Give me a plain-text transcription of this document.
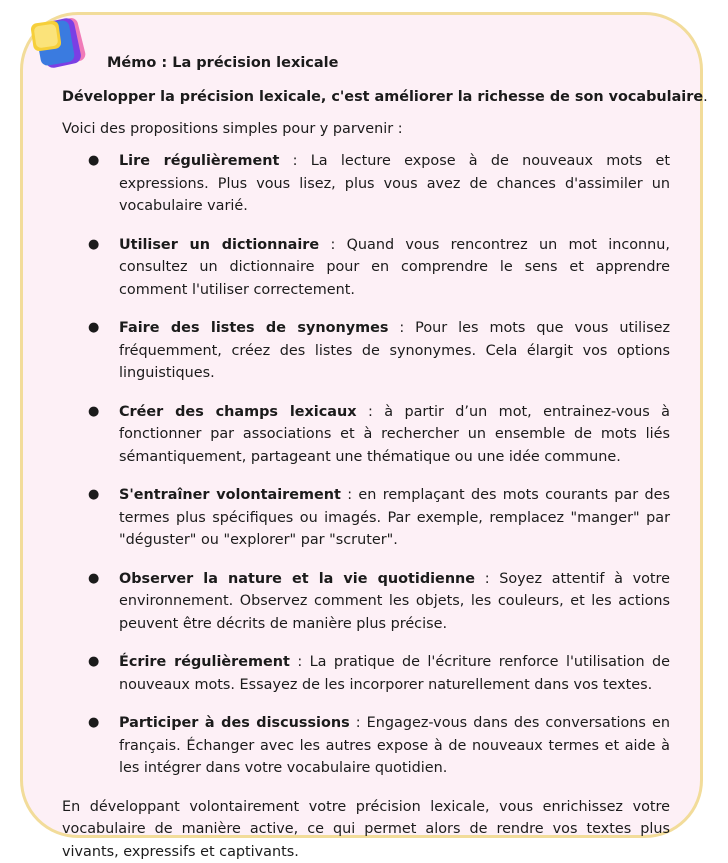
Mémo : La précision lexicale

Développer la précision lexicale, c'est améliorer la richesse de son vocabulaire.

Voici des propositions simples pour y parvenir :

● Lire régulièrement : La lecture expose à de nouveaux mots et expressions. Plus vous lisez, plus vous avez de chances d'assimiler un vocabulaire varié.
● Utiliser un dictionnaire : Quand vous rencontrez un mot inconnu, consultez un dictionnaire pour en comprendre le sens et apprendre comment l'utiliser correctement.
● Faire des listes de synonymes : Pour les mots que vous utilisez fréquemment, créez des listes de synonymes. Cela élargit vos options linguistiques.
● Créer des champs lexicaux : à partir d’un mot, entrainez-vous à fonctionner par associations et à rechercher un ensemble de mots liés sémantiquement, partageant une thématique ou une idée commune.
● S'entraîner volontairement : en remplaçant des mots courants par des termes plus spécifiques ou imagés. Par exemple, remplacez "manger" par "déguster" ou "explorer" par "scruter".
● Observer la nature et la vie quotidienne : Soyez attentif à votre environnement. Observez comment les objets, les couleurs, et les actions peuvent être décrits de manière plus précise.
● Écrire régulièrement : La pratique de l'écriture renforce l'utilisation de nouveaux mots. Essayez de les incorporer naturellement dans vos textes.
● Participer à des discussions : Engagez-vous dans des conversations en français. Échanger avec les autres expose à de nouveaux termes et aide à les intégrer dans votre vocabulaire quotidien.

En développant volontairement votre précision lexicale, vous enrichissez votre vocabulaire de manière active, ce qui permet alors de rendre vos textes plus vivants, expressifs et captivants.
